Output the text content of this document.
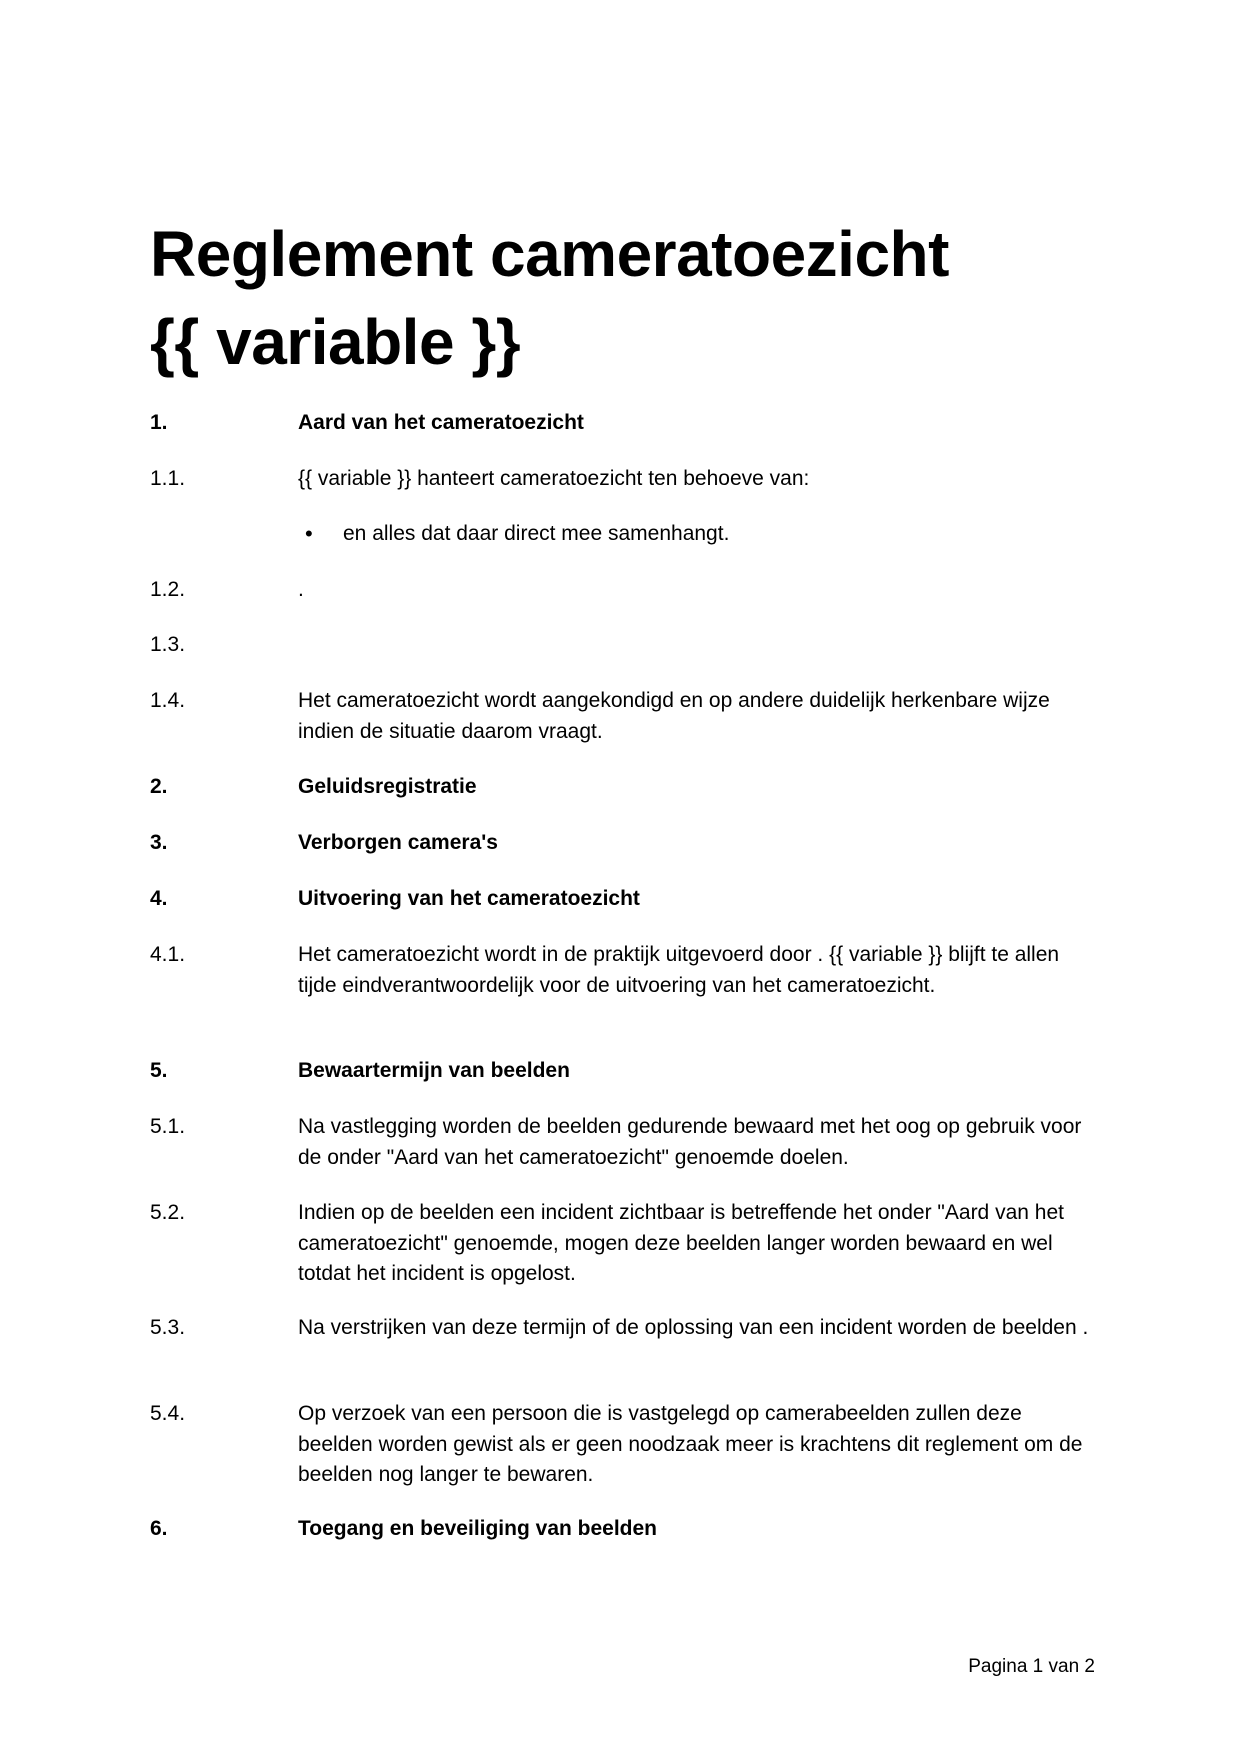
Reglement cameratoezicht
{{ variable }}
1.	Aard van het cameratoezicht
1.1.	{{ variable }} hanteert cameratoezicht ten behoeve van:
• en alles dat daar direct mee samenhangt.
1.2.	.
1.3.
1.4.	Het cameratoezicht wordt aangekondigd en op andere duidelijk herkenbare wijze indien de situatie daarom vraagt.
2.	Geluidsregistratie
3.	Verborgen camera's
4.	Uitvoering van het cameratoezicht
4.1.	Het cameratoezicht wordt in de praktijk uitgevoerd door . {{ variable }} blijft te allen tijde eindverantwoordelijk voor de uitvoering van het cameratoezicht.
5.	Bewaartermijn van beelden
5.1.	Na vastlegging worden de beelden gedurende bewaard met het oog op gebruik voor de onder "Aard van het cameratoezicht" genoemde doelen.
5.2.	Indien op de beelden een incident zichtbaar is betreffende het onder "Aard van het cameratoezicht" genoemde, mogen deze beelden langer worden bewaard en wel totdat het incident is opgelost.
5.3.	Na verstrijken van deze termijn of de oplossing van een incident worden de beelden .
5.4.	Op verzoek van een persoon die is vastgelegd op camerabeelden zullen deze beelden worden gewist als er geen noodzaak meer is krachtens dit reglement om de beelden nog langer te bewaren.
6.	Toegang en beveiliging van beelden
Pagina 1 van 2
